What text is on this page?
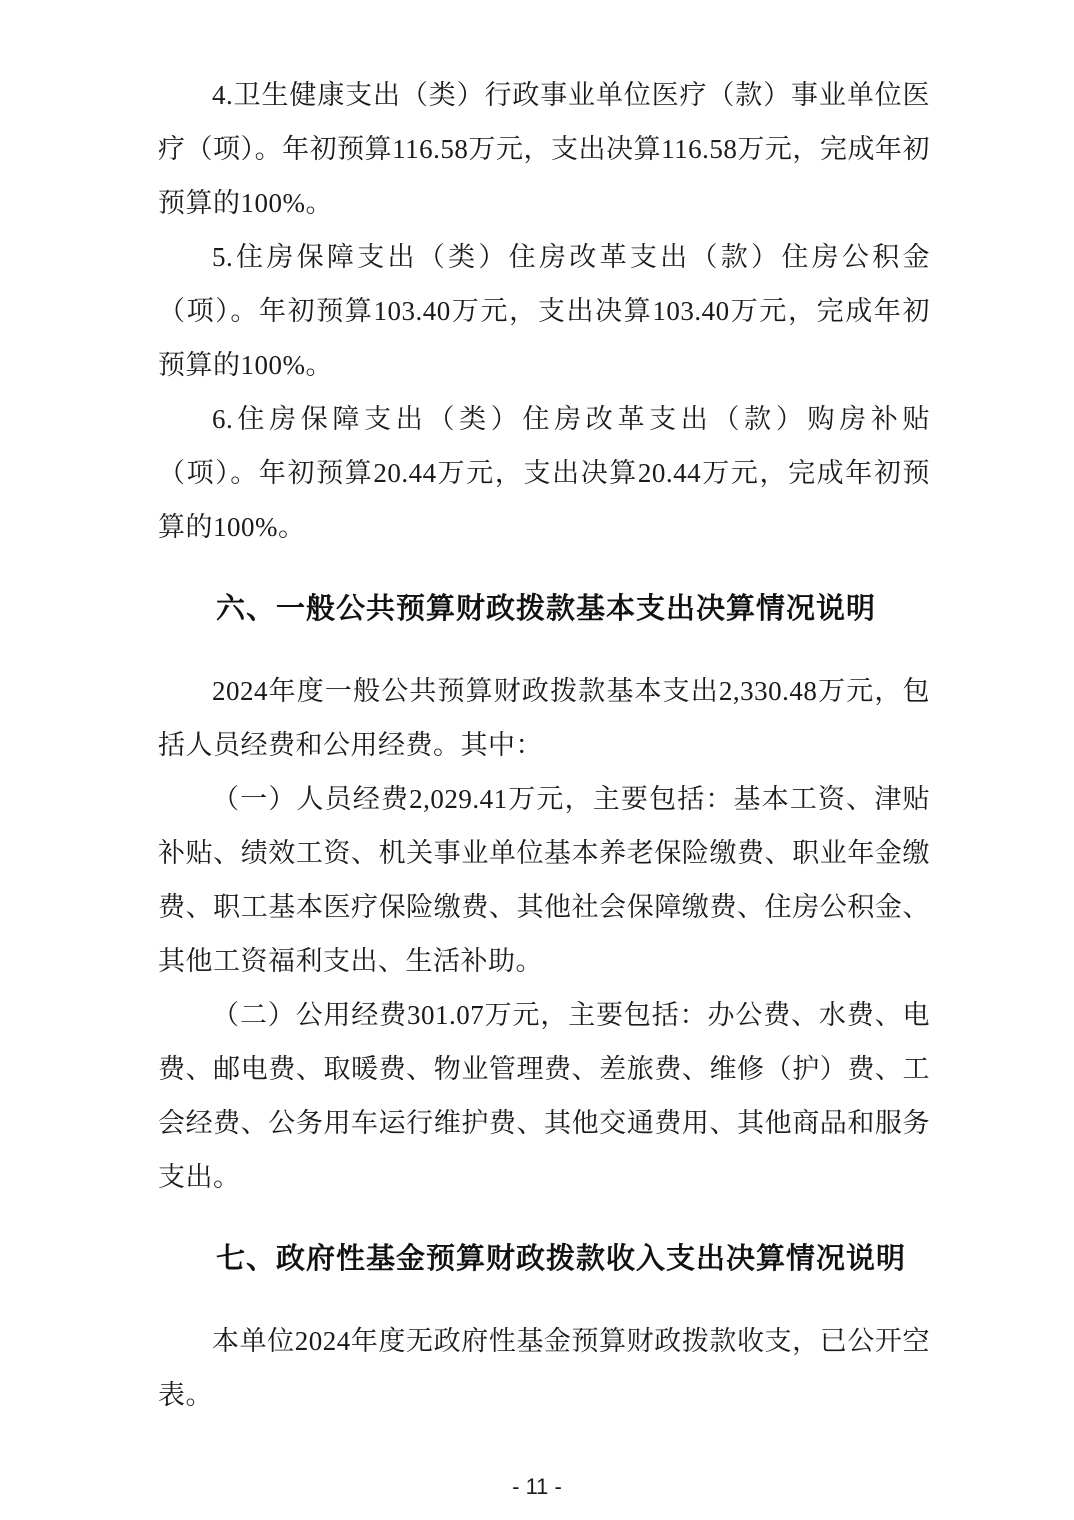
4.卫生健康支出（类）行政事业单位医疗（款）事业单位医疗（项）。年初预算116.58万元，支出决算116.58万元，完成年初预算的100%。

5.住房保障支出（类）住房改革支出（款）住房公积金（项）。年初预算103.40万元，支出决算103.40万元，完成年初预算的100%。

6.住房保障支出（类）住房改革支出（款）购房补贴（项）。年初预算20.44万元，支出决算20.44万元，完成年初预算的100%。

六、一般公共预算财政拨款基本支出决算情况说明

2024年度一般公共预算财政拨款基本支出2,330.48万元，包括人员经费和公用经费。其中：

（一）人员经费2,029.41万元，主要包括：基本工资、津贴补贴、绩效工资、机关事业单位基本养老保险缴费、职业年金缴费、职工基本医疗保险缴费、其他社会保障缴费、住房公积金、其他工资福利支出、生活补助。

（二）公用经费301.07万元，主要包括：办公费、水费、电费、邮电费、取暖费、物业管理费、差旅费、维修（护）费、工会经费、公务用车运行维护费、其他交通费用、其他商品和服务支出。

七、政府性基金预算财政拨款收入支出决算情况说明

本单位2024年度无政府性基金预算财政拨款收支，已公开空表。

- 11 -
